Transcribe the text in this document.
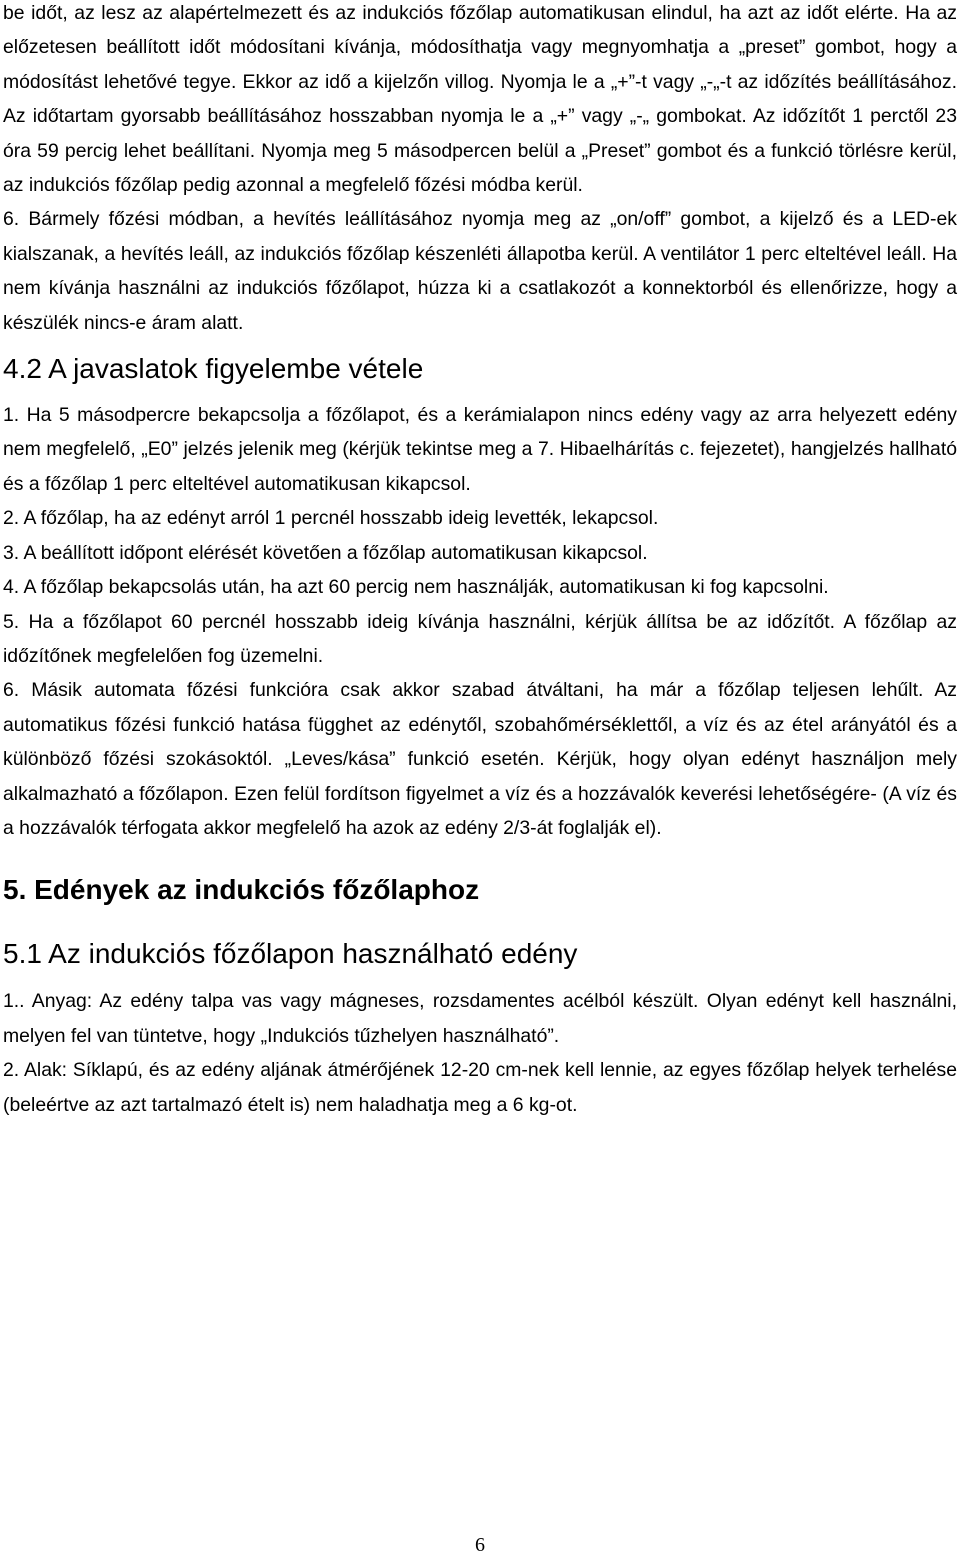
be időt, az lesz az alapértelmezett és az indukciós főzőlap automatikusan elindul, ha azt az időt elérte. Ha az előzetesen beállított időt módosítani kívánja, módosíthatja vagy megnyomhatja a „preset” gombot, hogy a módosítást lehetővé tegye. Ekkor az idő a kijelzőn villog. Nyomja le a „+”-t vagy „-„-t az időzítés beállításához. Az időtartam gyorsabb beállításához hosszabban nyomja le a „+” vagy „-„ gombokat. Az időzítőt 1 perctől 23 óra 59 percig lehet beállítani. Nyomja meg 5 másodpercen belül a „Preset” gombot és a funkció törlésre kerül, az indukciós főzőlap pedig azonnal a megfelelő főzési módba kerül.

6. Bármely főzési módban, a hevítés leállításához nyomja meg az „on/off” gombot, a kijelző és a LED-ek kialszanak, a hevítés leáll, az indukciós főzőlap készenléti állapotba kerül. A ventilátor 1 perc elteltével leáll. Ha nem kívánja használni az indukciós főzőlapot, húzza ki a csatlakozót a konnektorból és ellenőrizze, hogy a készülék nincs-e áram alatt.

4.2 A javaslatok figyelembe vétele

1. Ha 5 másodpercre bekapcsolja a főzőlapot, és a kerámialapon nincs edény vagy az arra helyezett edény nem megfelelő, „E0” jelzés jelenik meg (kérjük tekintse meg a 7. Hibaelhárítás c. fejezetet), hangjelzés hallható és a főzőlap 1 perc elteltével automatikusan kikapcsol.

2. A főzőlap, ha az edényt arról 1 percnél hosszabb ideig levették, lekapcsol.

3. A beállított időpont elérését követően a főzőlap automatikusan kikapcsol.

4. A főzőlap bekapcsolás után, ha azt 60 percig nem használják, automatikusan ki fog kapcsolni.

5. Ha a főzőlapot 60 percnél hosszabb ideig kívánja használni, kérjük állítsa be az időzítőt. A főzőlap az időzítőnek megfelelően fog üzemelni.

6. Másik automata főzési funkcióra csak akkor szabad átváltani, ha már a főzőlap teljesen lehűlt. Az automatikus főzési funkció hatása függhet az edénytől, szobahőmérséklettől, a víz és az étel arányától és a különböző főzési szokásoktól. „Leves/kása” funkció esetén. Kérjük, hogy olyan edényt használjon mely alkalmazható a főzőlapon. Ezen felül fordítson figyelmet a víz és a hozzávalók keverési lehetőségére- (A víz és a hozzávalók térfogata akkor megfelelő ha azok az edény 2/3-át foglalják el).

5. Edények az indukciós főzőlaphoz
5.1 Az indukciós főzőlapon használható edény

1.. Anyag: Az edény talpa vas vagy mágneses, rozsdamentes acélból készült. Olyan edényt kell használni, melyen fel van tüntetve, hogy „Indukciós tűzhelyen használható”.

2. Alak: Síklapú, és az edény aljának átmérőjének 12-20 cm-nek kell lennie, az egyes főzőlap helyek terhelése (beleértve az azt tartalmazó ételt is) nem haladhatja meg a 6 kg-ot.

6
